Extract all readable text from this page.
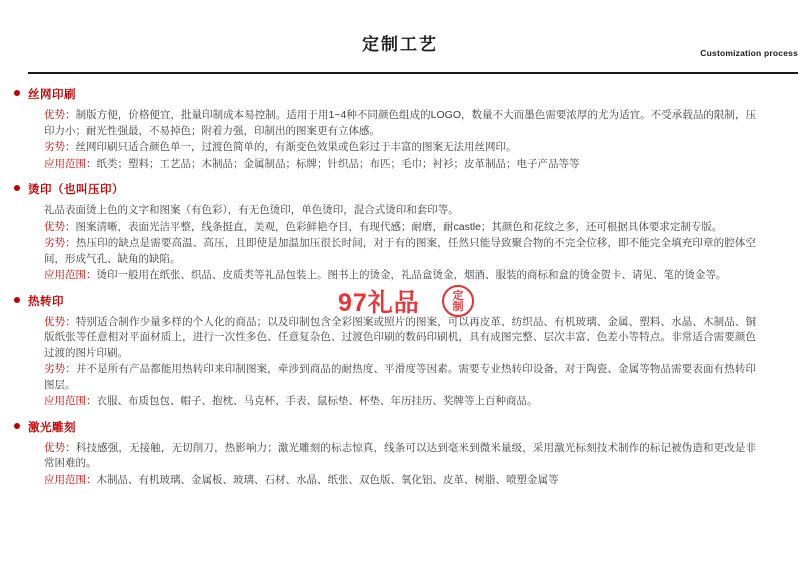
定制工艺	Customization process
丝网印刷

优势：制版方便，价格便宜，批量印制成本易控制。适用于用1~4种不同颜色组成的LOGO，数量不大而墨色需要浓厚的尤为适宜。不受承载品的限制，压印力小；耐光性强最，不易掉色；附着力强，印制出的图案更有立体感。

劣势：丝网印刷只适合颜色单一，过渡色简单的，有渐变色效果或色彩过于丰富的图案无法用丝网印。

应用范围：纸类；塑料；工艺品；木制品；金属制品；标牌；针织品；布匹；毛巾；衬衫；皮革制品；电子产品等等

烫印（也叫压印）

礼品表面烫上色的文字和图案（有色彩），有无色烫印，单色烫印，混合式烫印和套印等。

优势：图案清晰，表面光洁平整，线条挺直，美观，色彩鲜艳夺目，有现代感；耐磨，耐castle；其颜色和花纹之多，还可根据具体要求定制专版。

劣势：热压印的缺点是需要高温、高压，且即使是加温加压很长时间，对于有的图案，任然只能导致聚合物的不完全位移，即不能完全填充印章的腔体空间，形成气孔、缺角的缺陷。

应用范围：烫印一般用在纸张、织品、皮质类等礼品包装上。图书上的烫金，礼品盒烫金，烟酒、服装的商标和盒的烫金贺卡、请见、笔的烫金等。

热转印

优势：特别适合制作少量多样的个人化的商品；以及印制包含全彩图案或照片的图案，可以再皮革、纺织品、有机玻璃、金属、塑料、水晶、木制品、铜版纸张等任意相对平面材质上，进行一次性多色、任意复杂色、过渡色印刷的数码印刷机，具有成图完整、层次丰富、色差小等特点。非常适合需要颜色过渡的图片印刷。

劣势：并不是所有产品都能用热转印来印制图案，牵涉到商品的耐热度、平滑度等因素。需要专业热转印设备，对于陶瓷、金属等物品需要表面有热转印图层。

应用范围：衣服、布质包包、帽子、抱枕、马克杯、手表、鼠标垫、杯垫、年历挂历、奖牌等上百种商品。

激光雕刻

优势：科技感强，无接触，无切削刀，热影响力；激光雕刻的标志惊真，线条可以达到毫米到微米量级，采用激光标刻技术制作的标记被伪造和更改是非常困难的。

应用范围：木制品、有机玻璃、金属板、玻璃、石材、水晶、纸张、双色版、氧化铝、皮革、树脂、喷塑金属等

97礼品	定
制
